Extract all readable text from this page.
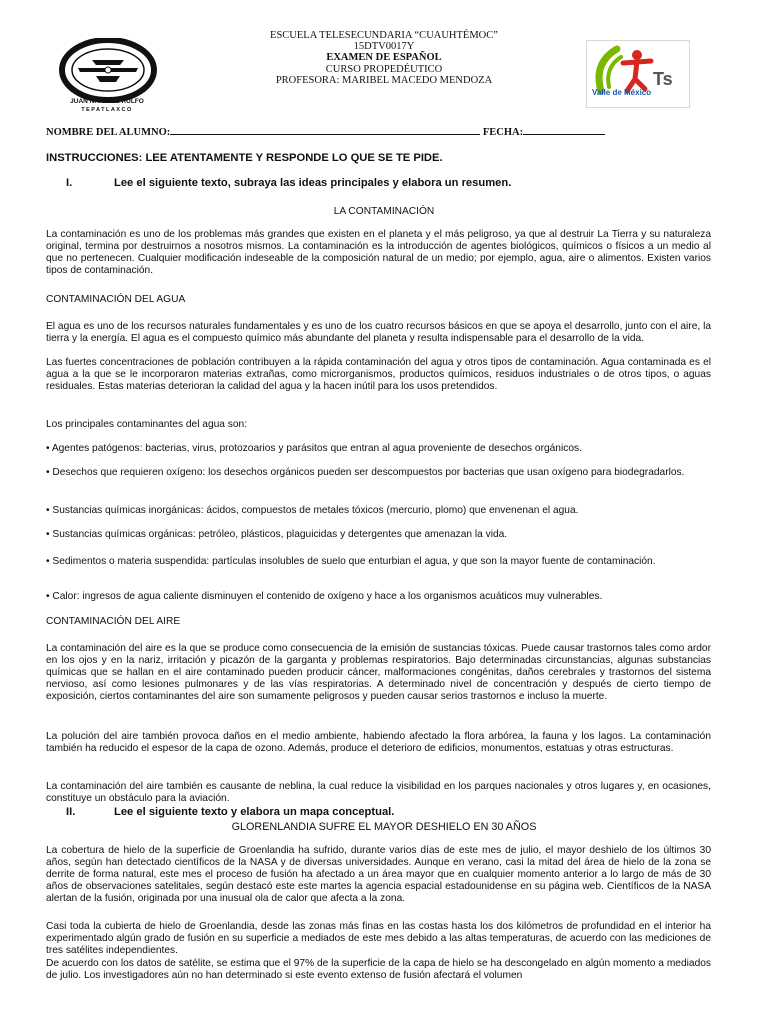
ESCUELA TELESECUNDARIA “CUAUHTÉMOC”
15DTV0017Y
EXAMEN DE ESPAÑOL
CURSO PROPEDÉUTICO
PROFESORA: MARIBEL MACEDO MENDOZA
JUAN N. PEREZ RULFO
TEPATLAXCO
Ts
Valle de México
NOMBRE DEL ALUMNO:	FECHA:
INSTRUCCIONES: LEE ATENTAMENTE Y RESPONDE LO QUE SE TE PIDE.
I.	Lee el siguiente texto, subraya las ideas principales y elabora un resumen.
LA CONTAMINACIÓN
La contaminación es uno de los problemas más grandes que existen en el planeta y el más peligroso, ya que al destruir La Tierra y su naturaleza original, termina por destruirnos a nosotros mismos. La contaminación es la introducción de agentes biológicos, químicos o físicos a un medio al que no pertenecen. Cualquier modificación indeseable de la composición natural de un medio; por ejemplo, agua, aire o alimentos. Existen varios tipos de contaminación.
CONTAMINACIÓN DEL AGUA
El agua es uno de los recursos naturales fundamentales y es uno de los cuatro recursos básicos en que se apoya el desarrollo, junto con el aire, la tierra y la energía. El agua es el compuesto químico más abundante del planeta y resulta indispensable para el desarrollo de la vida.
Las fuertes concentraciones de población contribuyen a la rápida contaminación del agua y otros tipos de contaminación. Agua contaminada es el agua a la que se le incorporaron materias extrañas, como microrganismos, productos químicos, residuos industriales o de otros tipos, o aguas residuales. Estas materias deterioran la calidad del agua y la hacen inútil para los usos pretendidos.
Los principales contaminantes del agua son:
• Agentes patógenos: bacterias, virus, protozoarios y parásitos que entran al agua proveniente de desechos orgánicos.
• Desechos que requieren oxígeno: los desechos orgánicos pueden ser descompuestos por bacterias que usan oxígeno para biodegradarlos.
• Sustancias químicas inorgánicas: ácidos, compuestos de metales tóxicos (mercurio, plomo) que envenenan el agua.
• Sustancias químicas orgánicas: petróleo, plásticos, plaguicidas y detergentes que amenazan la vida.
• Sedimentos o materia suspendida: partículas insolubles de suelo que enturbian el agua, y que son la mayor fuente de contaminación.
• Calor: ingresos de agua caliente disminuyen el contenido de oxígeno y hace a los organismos acuáticos muy vulnerables.
CONTAMINACIÓN DEL AIRE
La contaminación del aire es la que se produce como consecuencia de la emisión de sustancias tóxicas. Puede causar trastornos tales como ardor en los ojos y en la nariz, irritación y picazón de la garganta y problemas respiratorios. Bajo determinadas circunstancias, algunas substancias químicas que se hallan en el aire contaminado pueden producir cáncer, malformaciones congénitas, daños cerebrales y trastornos del sistema nervioso, así como lesiones pulmonares y de las vías respiratorias. A determinado nivel de concentración y después de cierto tiempo de exposición, ciertos contaminantes del aire son sumamente peligrosos y pueden causar serios trastornos e incluso la muerte.
La polución del aire también provoca daños en el medio ambiente, habiendo afectado la flora arbórea, la fauna y los lagos. La contaminación también ha reducido el espesor de la capa de ozono. Además, produce el deterioro de edificios, monumentos, estatuas y otras estructuras.
La contaminación del aire también es causante de neblina, la cual reduce la visibilidad en los parques nacionales y otros lugares y, en ocasiones, constituye un obstáculo para la aviación.
II.	Lee el siguiente texto y elabora un mapa conceptual.
GLORENLANDIA SUFRE EL MAYOR DESHIELO EN 30 AÑOS
La cobertura de hielo de la superficie de Groenlandia ha sufrido, durante varios días de este mes de julio, el mayor deshielo de los últimos 30 años, según han detectado científicos de la NASA y de diversas universidades. Aunque en verano, casi la mitad del área de hielo de la zona se derrite de forma natural, este mes el proceso de fusión ha afectado a un área mayor que en cualquier momento anterior a lo largo de más de 30 años de observaciones satelitales, según destacó este este martes la agencia espacial estadounidense en su página web. Científicos de la NASA alertan de la fusión, originada por una inusual ola de calor que afecta a la zona.
Casi toda la cubierta de hielo de Groenlandia, desde las zonas más finas en las costas hasta los dos kilómetros de profundidad en el interior ha experimentado algún grado de fusión en su superficie a mediados de este mes debido a las altas temperaturas, de acuerdo con las mediciones de tres satélites independientes.
De acuerdo con los datos de satélite, se estima que el 97% de la superficie de la capa de hielo se ha descongelado en algún momento a mediados de julio. Los investigadores aún no han determinado si este evento extenso de fusión afectará el volumen
